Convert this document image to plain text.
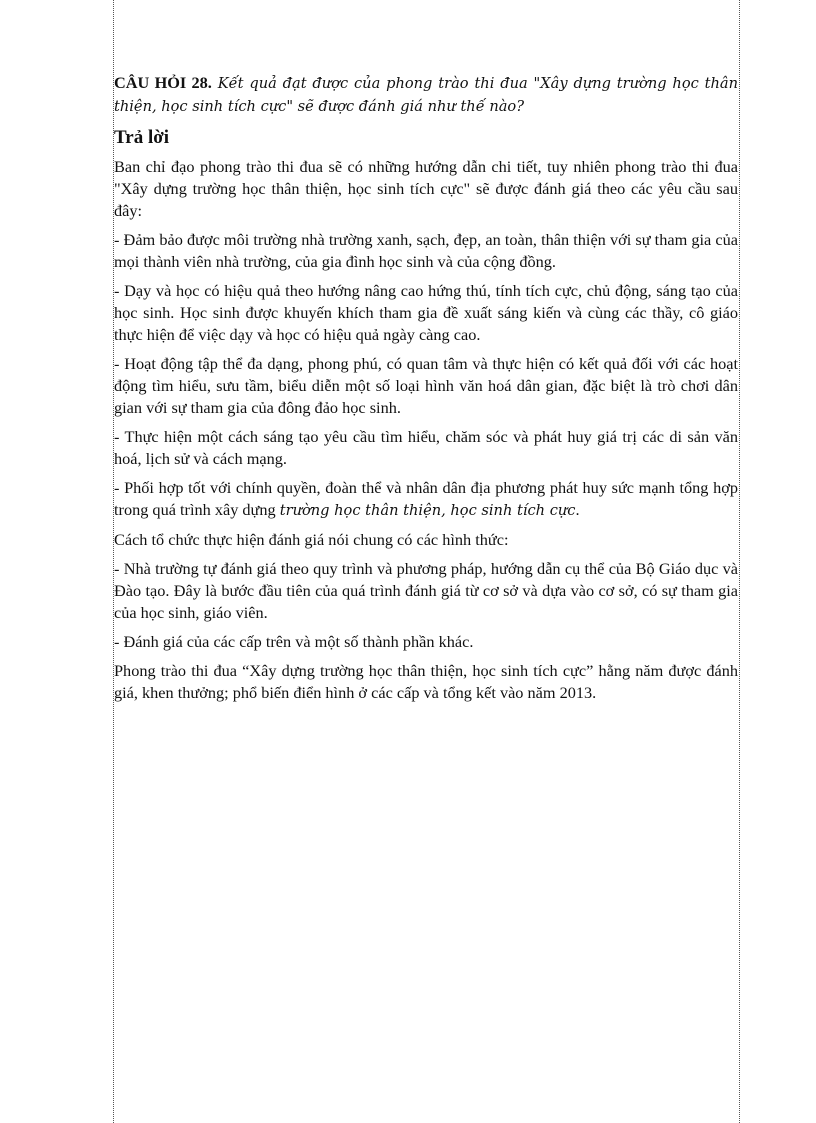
CÂU HỎI 28. Kết quả đạt được của phong trào thi đua "Xây dựng trường học thân thiện, học sinh tích cực" sẽ được đánh giá như thế nào?

Trả lời

Ban chỉ đạo phong trào thi đua sẽ có những hướng dẫn chi tiết, tuy nhiên phong trào thi đua "Xây dựng trường học thân thiện, học sinh tích cực" sẽ được đánh giá theo các yêu cầu sau đây:

- Đảm bảo được môi trường nhà trường xanh, sạch, đẹp, an toàn, thân thiện với sự tham gia của mọi thành viên nhà trường, của gia đình học sinh và của cộng đồng.

- Dạy và học có hiệu quả theo hướng nâng cao hứng thú, tính tích cực, chủ động, sáng tạo của học sinh. Học sinh được khuyến khích tham gia đề xuất sáng kiến và cùng các thầy, cô giáo thực hiện để việc dạy và học có hiệu quả ngày càng cao.

- Hoạt động tập thể đa dạng, phong phú, có quan tâm và thực hiện có kết quả đối với các hoạt động tìm hiểu, sưu tầm, biểu diễn một số loại hình văn hoá dân gian, đặc biệt là trò chơi dân gian với sự tham gia của đông đảo học sinh.

- Thực hiện một cách sáng tạo yêu cầu tìm hiểu, chăm sóc và phát huy giá trị các di sản văn hoá, lịch sử và cách mạng.

- Phối hợp tốt với chính quyền, đoàn thể và nhân dân địa phương phát huy sức mạnh tổng hợp trong quá trình xây dựng trường học thân thiện, học sinh tích cực.

Cách tổ chức thực hiện đánh giá nói chung có các hình thức:

- Nhà trường tự đánh giá theo quy trình và phương pháp, hướng dẫn cụ thể của Bộ Giáo dục và Đào tạo. Đây là bước đầu tiên của quá trình đánh giá từ cơ sở và dựa vào cơ sở, có sự tham gia của học sinh, giáo viên.

- Đánh giá của các cấp trên và một số thành phần khác.

Phong trào thi đua “Xây dựng trường học thân thiện, học sinh tích cực” hằng năm được đánh giá, khen thưởng; phổ biến điển hình ở các cấp và tổng kết vào năm 2013.
